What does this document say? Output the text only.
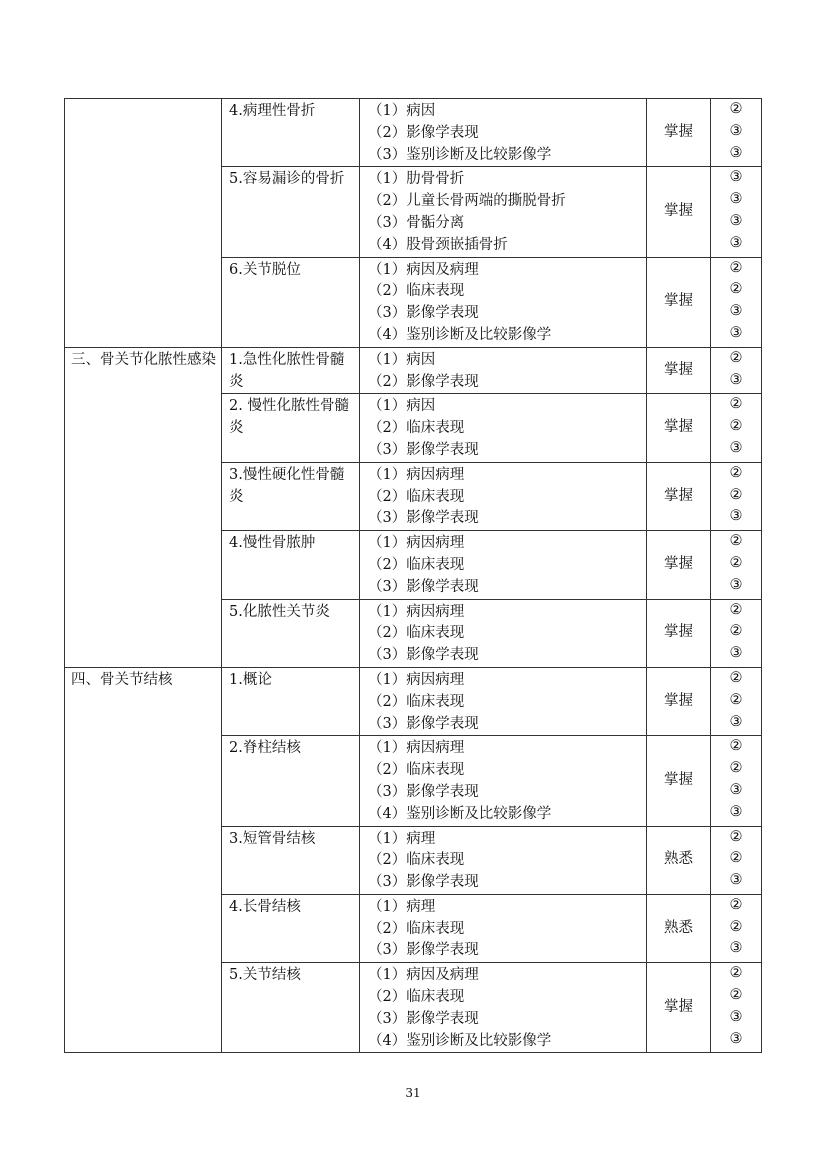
	4.病理性骨折	（1）病因
（2）影像学表现
（3）鉴别诊断及比较影像学	掌握	②
③
③

	5.容易漏诊的骨折	（1）肋骨骨折
（2）儿童长骨两端的撕脱骨折
（3）骨骺分离
（4）股骨颈嵌插骨折	掌握	③
③
③
③

	6.关节脱位	（1）病因及病理
（2）临床表现
（3）影像学表现
（4）鉴别诊断及比较影像学	掌握	②
②
③
③

三、骨关节化脓性感染	1.急性化脓性骨髓炎	（1）病因
（2）影像学表现	掌握	②
③

	2. 慢性化脓性骨髓炎	（1）病因
（2）临床表现
（3）影像学表现	掌握	②
②
③

	3.慢性硬化性骨髓炎	（1）病因病理
（2）临床表现
（3）影像学表现	掌握	②
②
③

	4.慢性骨脓肿	（1）病因病理
（2）临床表现
（3）影像学表现	掌握	②
②
③

	5.化脓性关节炎	（1）病因病理
（2）临床表现
（3）影像学表现	掌握	②
②
③

四、骨关节结核	1.概论	（1）病因病理
（2）临床表现
（3）影像学表现	掌握	②
②
③

	2.脊柱结核	（1）病因病理
（2）临床表现
（3）影像学表现
（4）鉴别诊断及比较影像学	掌握	②
②
③
③

	3.短管骨结核	（1）病理
（2）临床表现
（3）影像学表现	熟悉	②
②
③

	4.长骨结核	（1）病理
（2）临床表现
（3）影像学表现	熟悉	②
②
③

	5.关节结核	（1）病因及病理
（2）临床表现
（3）影像学表现
（4）鉴别诊断及比较影像学	掌握	②
②
③
③
31
